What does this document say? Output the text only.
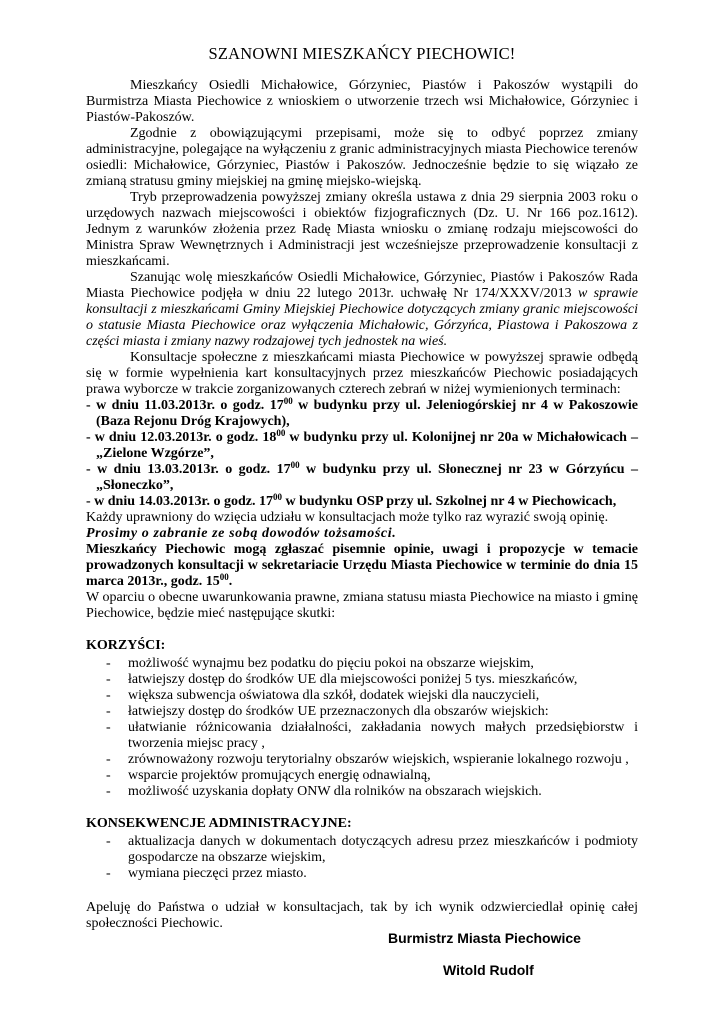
SZANOWNI MIESZKAŃCY PIECHOWIC!

Mieszkańcy Osiedli Michałowice, Górzyniec, Piastów i Pakoszów wystąpili do Burmistrza Miasta Piechowice z wnioskiem o utworzenie trzech wsi Michałowice, Górzyniec i Piastów-Pakoszów.

Zgodnie z obowiązującymi przepisami, może się to odbyć poprzez zmiany administracyjne, polegające na wyłączeniu z granic administracyjnych miasta Piechowice terenów osiedli: Michałowice, Górzyniec, Piastów i Pakoszów. Jednocześnie będzie to się wiązało ze zmianą stratusu gminy miejskiej na gminę miejsko-wiejską.

Tryb przeprowadzenia powyższej zmiany określa ustawa z dnia 29 sierpnia 2003 roku o urzędowych nazwach miejscowości i obiektów fizjograficznych (Dz. U. Nr 166 poz.1612). Jednym z warunków złożenia przez Radę Miasta wniosku o zmianę rodzaju miejscowości do Ministra Spraw Wewnętrznych i Administracji jest wcześniejsze przeprowadzenie konsultacji z mieszkańcami.

Szanując wolę mieszkańców Osiedli Michałowice, Górzyniec, Piastów i Pakoszów Rada Miasta Piechowice podjęła w dniu 22 lutego 2013r. uchwałę Nr 174/XXXV/2013 w sprawie konsultacji z mieszkańcami Gminy Miejskiej Piechowice dotyczących zmiany granic miejscowości o statusie Miasta Piechowice oraz wyłączenia Michałowic, Górzyńca, Piastowa i Pakoszowa z części miasta i zmiany nazwy rodzajowej tych jednostek na wieś.

Konsultacje społeczne z mieszkańcami miasta Piechowice w powyższej sprawie odbędą się w formie wypełnienia kart konsultacyjnych przez mieszkańców Piechowic posiadających prawa wyborcze w trakcie zorganizowanych czterech zebrań w niżej wymienionych terminach:

- w dniu 11.03.2013r. o godz. $17^{00}$ w budynku przy ul. Jeleniogórskiej nr 4 w Pakoszowie (Baza Rejonu Dróg Krajowych),

- w dniu 12.03.2013r. o godz. $18^{00}$ w budynku przy ul. Kolonijnej nr 20a w Michałowicach – „Zielone Wzgórze”,

- w dniu 13.03.2013r. o godz. $17^{00}$ w budynku przy ul. Słonecznej nr 23 w Górzyńcu – „Słoneczko”,

- w dniu 14.03.2013r. o godz. $17^{00}$ w budynku OSP przy ul. Szkolnej nr 4 w Piechowicach,

Każdy uprawniony do wzięcia udziału w konsultacjach może tylko raz wyrazić swoją opinię.

Prosimy o zabranie ze sobą dowodów tożsamości.

Mieszkańcy Piechowic mogą zgłaszać pisemnie opinie, uwagi i propozycje w temacie prowadzonych konsultacji w sekretariacie Urzędu Miasta Piechowice w terminie do dnia 15 marca 2013r., godz. $15^{00}$.

W oparciu o obecne uwarunkowania prawne, zmiana statusu miasta Piechowice na miasto i gminę Piechowice, będzie mieć następujące skutki:

KORZYŚCI:
- możliwość wynajmu bez podatku do pięciu pokoi na obszarze wiejskim,
- łatwiejszy dostęp do środków UE dla miejscowości poniżej 5 tys. mieszkańców,
- większa subwencja oświatowa dla szkół, dodatek wiejski dla nauczycieli,
- łatwiejszy dostęp do środków UE przeznaczonych dla obszarów wiejskich:
- ułatwianie różnicowania działalności, zakładania nowych małych przedsiębiorstw i tworzenia miejsc pracy ,
- zrównoważony rozwoju terytorialny obszarów wiejskich, wspieranie lokalnego rozwoju ,
- wsparcie projektów promujących energię odnawialną,
- możliwość uzyskania dopłaty ONW dla rolników na obszarach wiejskich.
KONSEKWENCJE ADMINISTRACYJNE:
- aktualizacja danych w dokumentach dotyczących adresu przez mieszkańców i podmioty gospodarcze na obszarze wiejskim,
- wymiana pieczęci przez miasto.

Apeluję do Państwa o udział w konsultacjach, tak by ich wynik odzwierciedlał opinię całej społeczności Piechowic.

Burmistrz Miasta Piechowice
Witold Rudolf
